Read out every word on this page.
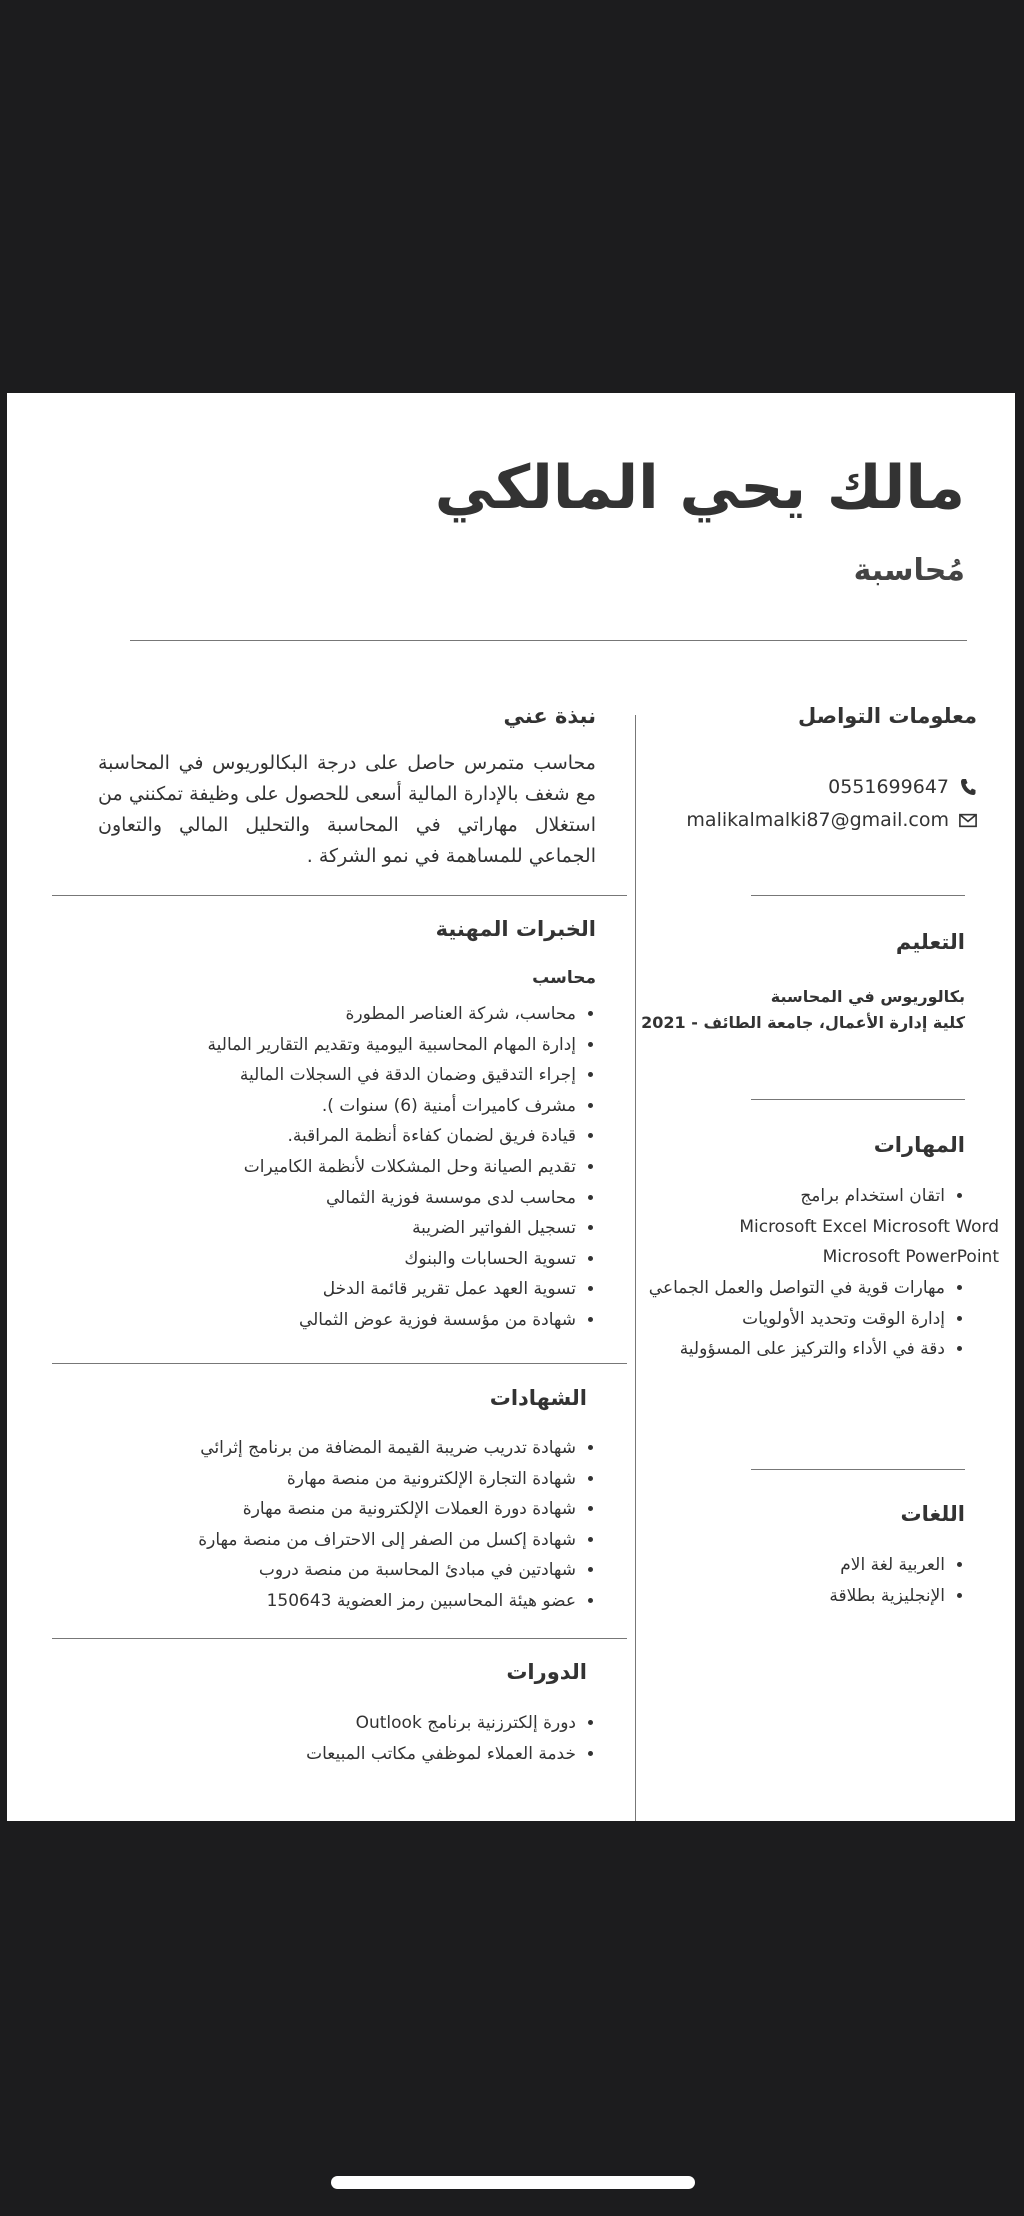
مالك يحي المالكي
مُحاسبة
معلومات التواصل
0551699647
malikalmalki87@gmail.com
التعليم
بكالوريوس في المحاسبة
كلية إدارة الأعمال، جامعة الطائف - 2021
المهارات
• اتقان استخدام برامج
Microsoft Excel Microsoft Word
Microsoft PowerPoint
• مهارات قوية في التواصل والعمل الجماعي
• إدارة الوقت وتحديد الأولويات
• دقة في الأداء والتركيز على المسؤولية
اللغات
• العربية لغة الام
• الإنجليزية بطلاقة
نبذة عني

محاسب متمرس حاصل على درجة البكالوريوس في المحاسبة مع شغف بالإدارة المالية أسعى للحصول على وظيفة تمكنني من استغلال مهاراتي في المحاسبة والتحليل المالي والتعاون الجماعي للمساهمة في نمو الشركة .

الخبرات المهنية
محاسب
• محاسب، شركة العناصر المطورة
• إدارة المهام المحاسبية اليومية وتقديم التقارير المالية
• إجراء التدقيق وضمان الدقة في السجلات المالية
• مشرف كاميرات أمنية (6) سنوات ).
• قيادة فريق لضمان كفاءة أنظمة المراقبة.
• تقديم الصيانة وحل المشكلات لأنظمة الكاميرات
• محاسب لدى موسسة فوزية الثمالي
• تسجيل الفواتير الضريبة
• تسوية الحسابات والبنوك
• تسوية العهد عمل تقرير قائمة الدخل
• شهادة من مؤسسة فوزية عوض الثمالي
الشهادات
• شهادة تدريب ضريبة القيمة المضافة من برنامج إثرائي
• شهادة التجارة الإلكترونية من منصة مهارة
• شهادة دورة العملات الإلكترونية من منصة مهارة
• شهادة إكسل من الصفر إلى الاحتراف من منصة مهارة
• شهادتين في مبادئ المحاسبة من منصة دروب
• عضو هيئة المحاسبين رمز العضوية 150643
الدورات
• دورة إلكترزنية برنامج Outlook
• خدمة العملاء لموظفي مكاتب المبيعات
